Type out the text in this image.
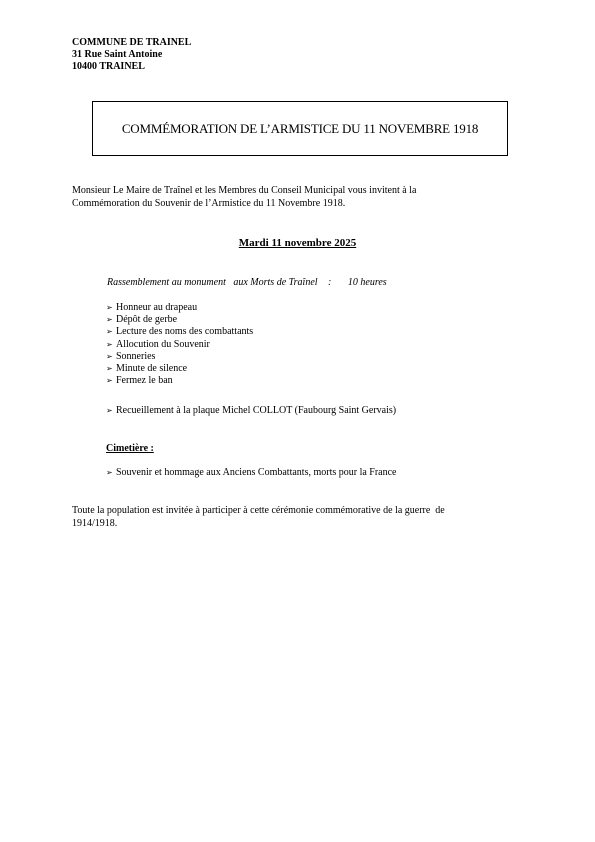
COMMUNE DE TRAINEL
31 Rue Saint Antoine
10400 TRAINEL
COMMÉMORATION DE L’ARMISTICE DU 11 NOVEMBRE 1918
Monsieur Le Maire de Traînel et les Membres du Conseil Municipal vous invitent à la
Commémoration du Souvenir de l’Armistice du 11 Novembre 1918.
Mardi 11 novembre 2025
Rassemblement au monument   aux Morts de Traînel : 10 heures
➢ Honneur au drapeau
➢ Dépôt de gerbe
➢ Lecture des noms des combattants
➢ Allocution du Souvenir
➢ Sonneries
➢ Minute de silence
➢ Fermez le ban
➢ Recueillement à la plaque Michel COLLOT (Faubourg Saint Gervais)
Cimetière :
➢ Souvenir et hommage aux Anciens Combattants, morts pour la France
Toute la population est invitée à participer à cette cérémonie commémorative de la guerre  de
1914/1918.
